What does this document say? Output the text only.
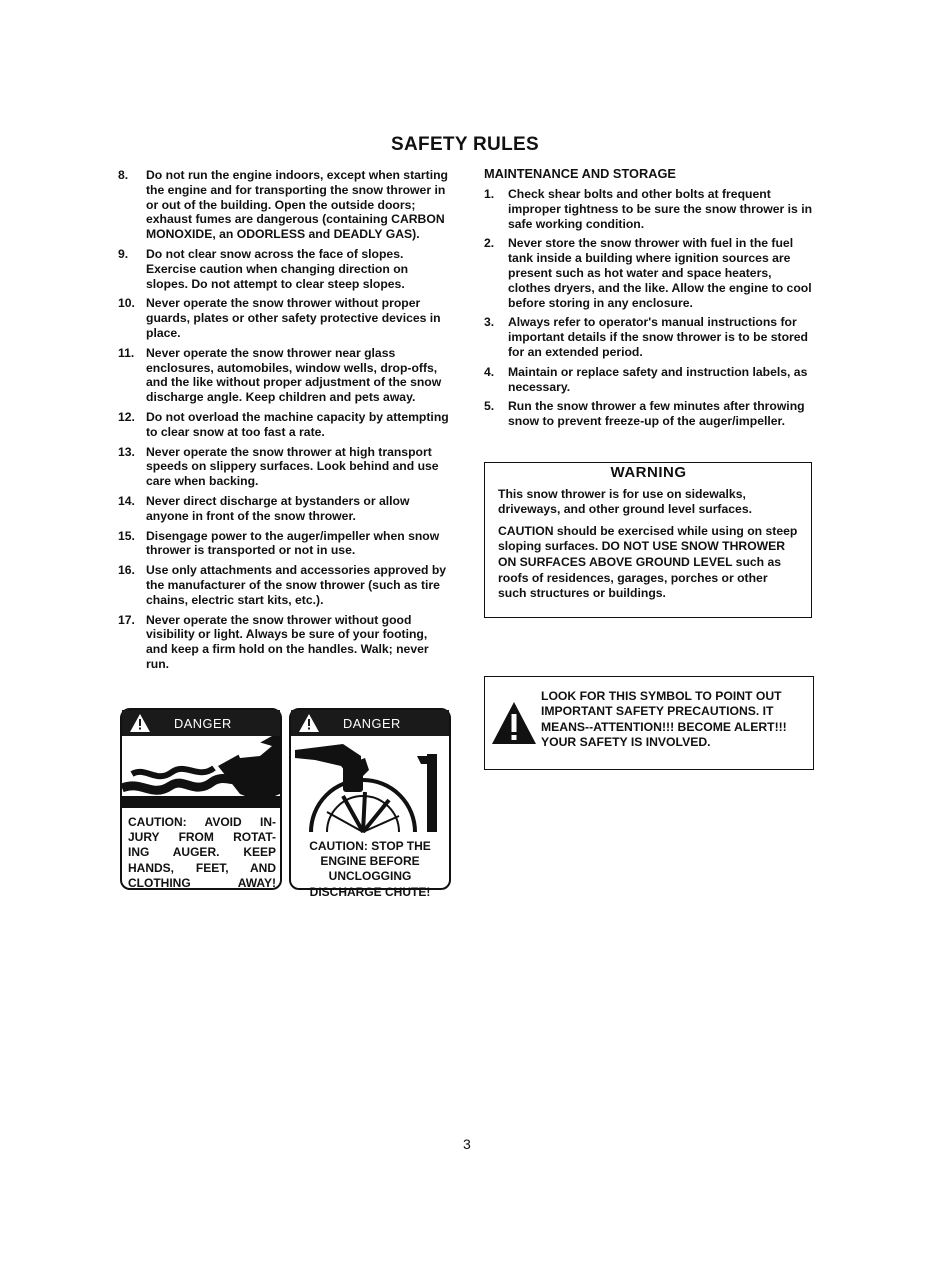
SAFETY RULES
8.	Do not run the engine indoors, except when starting the engine and for transporting the snow thrower in or out of the building. Open the outside doors; exhaust fumes are dangerous (containing CARBON MONOXIDE, an ODORLESS and DEADLY GAS).
9.	Do not clear snow across the face of slopes. Exercise caution when changing direction on slopes. Do not attempt to clear steep slopes.
10. Never operate the snow thrower without proper guards, plates or other safety protective devices in place.
11. Never operate the snow thrower near glass enclosures, automobiles, window wells, drop-offs, and the like without proper adjustment of the snow discharge angle. Keep children and pets away.
12. Do not overload the machine capacity by attempting to clear snow at too fast a rate.
13. Never operate the snow thrower at high transport speeds on slippery surfaces. Look behind and use care when backing.
14. Never direct discharge at bystanders or allow anyone in front of the snow thrower.
15. Disengage power to the auger/impeller when snow thrower is transported or not in use.
16. Use only attachments and accessories approved by the manufacturer of the snow thrower (such as tire chains, electric start kits, etc.).
17. Never operate the snow thrower without good visibility or light. Always be sure of your footing, and keep a firm hold on the handles. Walk; never run.
MAINTENANCE AND STORAGE
1.	Check shear bolts and other bolts at frequent improper tightness to be sure the snow thrower is in safe working condition.
2.	Never store the snow thrower with fuel in the fuel tank inside a building where ignition sources are present such as hot water and space heaters, clothes dryers, and the like. Allow the engine to cool before storing in any enclosure.
3.	Always refer to operator's manual instructions for important details if the snow thrower is to be stored for an extended period.
4.	Maintain or replace safety and instruction labels, as necessary.
5.	Run the snow thrower a few minutes after throwing snow to prevent freeze-up of the auger/impeller.
WARNING
This snow thrower is for use on sidewalks, driveways, and other ground level surfaces.
CAUTION should be exercised while using on steep sloping surfaces. DO NOT USE SNOW THROWER ON SURFACES ABOVE GROUND LEVEL such as roofs of residences, garages, porches or other such structures or buildings.
LOOK FOR THIS SYMBOL TO POINT OUT IMPORTANT SAFETY PRECAUTIONS. IT MEANS--ATTENTION!!! BECOME ALERT!!! YOUR SAFETY IS INVOLVED.
DANGER
CAUTION: AVOID IN-
JURY FROM ROTAT-
ING AUGER. KEEP
HANDS, FEET, AND
CLOTHING AWAY!
DANGER
CAUTION: STOP THE
ENGINE BEFORE
UNCLOGGING
DISCHARGE CHUTE!
3
